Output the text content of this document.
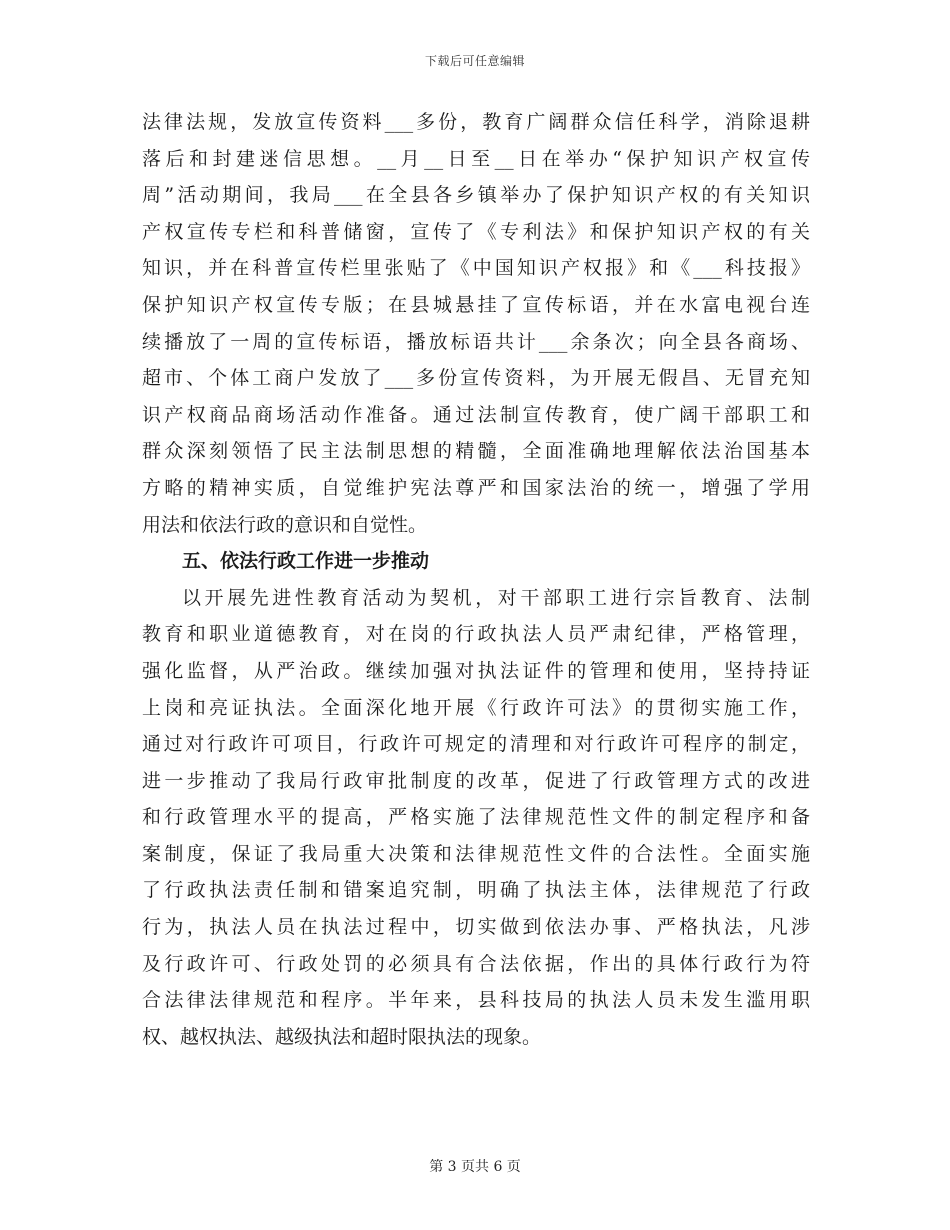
下载后可任意编辑
法律法规，发放宣传资料___多份，教育广阔群众信任科学，消除退耕
落后和封建迷信思想。__月__日至__日在举办“保护知识产权宣传
周”活动期间，我局___在全县各乡镇举办了保护知识产权的有关知识
产权宣传专栏和科普储窗，宣传了《专利法》和保护知识产权的有关
知识，并在科普宣传栏里张贴了《中国知识产权报》和《___科技报》
保护知识产权宣传专版；在县城悬挂了宣传标语，并在水富电视台连
续播放了一周的宣传标语，播放标语共计___余条次；向全县各商场、
超市、个体工商户发放了___多份宣传资料，为开展无假昌、无冒充知
识产权商品商场活动作准备。通过法制宣传教育，使广阔干部职工和
群众深刻领悟了民主法制思想的精髓，全面准确地理解依法治国基本
方略的精神实质，自觉维护宪法尊严和国家法治的统一，增强了学用
用法和依法行政的意识和自觉性。
五、依法行政工作进一步推动
以开展先进性教育活动为契机，对干部职工进行宗旨教育、法制
教育和职业道德教育，对在岗的行政执法人员严肃纪律，严格管理，
强化监督，从严治政。继续加强对执法证件的管理和使用，坚持持证
上岗和亮证执法。全面深化地开展《行政许可法》的贯彻实施工作，
通过对行政许可项目，行政许可规定的清理和对行政许可程序的制定，
进一步推动了我局行政审批制度的改革，促进了行政管理方式的改进
和行政管理水平的提高，严格实施了法律规范性文件的制定程序和备
案制度，保证了我局重大决策和法律规范性文件的合法性。全面实施
了行政执法责任制和错案追究制，明确了执法主体，法律规范了行政
行为，执法人员在执法过程中，切实做到依法办事、严格执法，凡涉
及行政许可、行政处罚的必须具有合法依据，作出的具体行政行为符
合法律法律规范和程序。半年来，县科技局的执法人员未发生滥用职
权、越权执法、越级执法和超时限执法的现象。
第 3 页共 6 页
